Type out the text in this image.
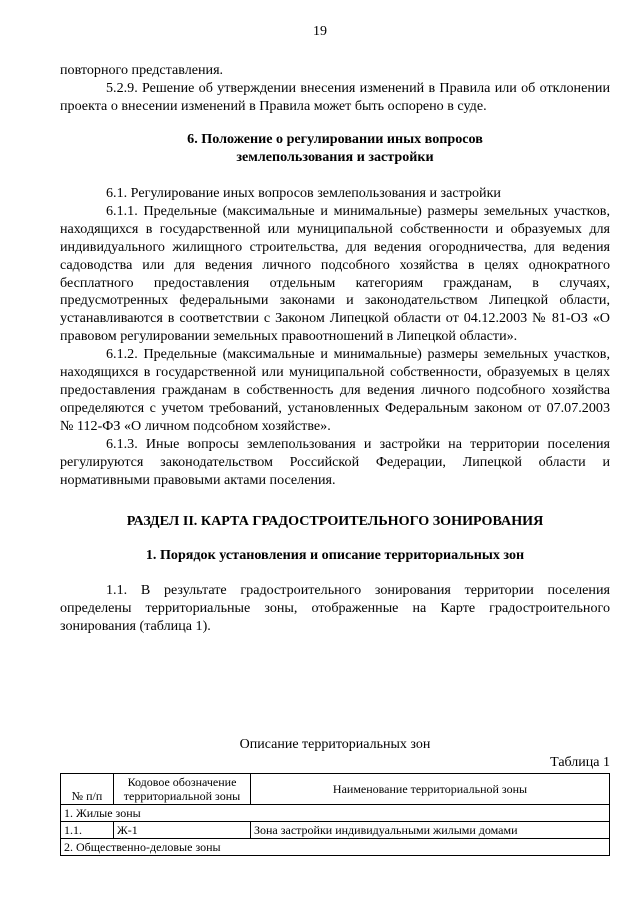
19

повторного представления.

5.2.9. Решение об утверждении внесения изменений в Правила или об отклонении проекта о внесении изменений в Правила может быть оспорено в суде.

6. Положение о регулировании иных вопросов

землепользования и застройки

6.1. Регулирование иных вопросов землепользования и застройки

6.1.1. Предельные (максимальные и минимальные) размеры земельных участков, находящихся в государственной или муниципальной собственности и образуемых для индивидуального жилищного строительства, для ведения огородничества, для ведения садоводства или для ведения личного подсобного хозяйства в целях однократного бесплатного предоставления отдельным категориям гражданам, в случаях, предусмотренных федеральными законами и законодательством Липецкой области, устанавливаются в соответствии с Законом Липецкой области от 04.12.2003 № 81-ОЗ «О правовом регулировании земельных правоотношений в Липецкой области».

6.1.2. Предельные (максимальные и минимальные) размеры земельных участков, находящихся в государственной или муниципальной собственности, образуемых в целях предоставления гражданам в собственность для ведения личного подсобного хозяйства определяются с учетом требований, установленных Федеральным законом от 07.07.2003 № 112-ФЗ «О личном подсобном хозяйстве».

6.1.3. Иные вопросы землепользования и застройки на территории поселения регулируются законодательством Российской Федерации, Липецкой области и нормативными правовыми актами поселения.

РАЗДЕЛ II. КАРТА ГРАДОСТРОИТЕЛЬНОГО ЗОНИРОВАНИЯ

1. Порядок установления и описание территориальных зон

1.1. В результате градостроительного зонирования территории поселения определены территориальные зоны, отображенные на Карте градостроительного зонирования (таблица 1).

Описание территориальных зон
Таблица 1
№ п/п	Кодовое обозначение территориальной зоны	Наименование территориальной зоны
1. Жилые зоны		
1.1.	Ж-1	Зона застройки индивидуальными жилыми домами
2. Общественно-деловые зоны		
